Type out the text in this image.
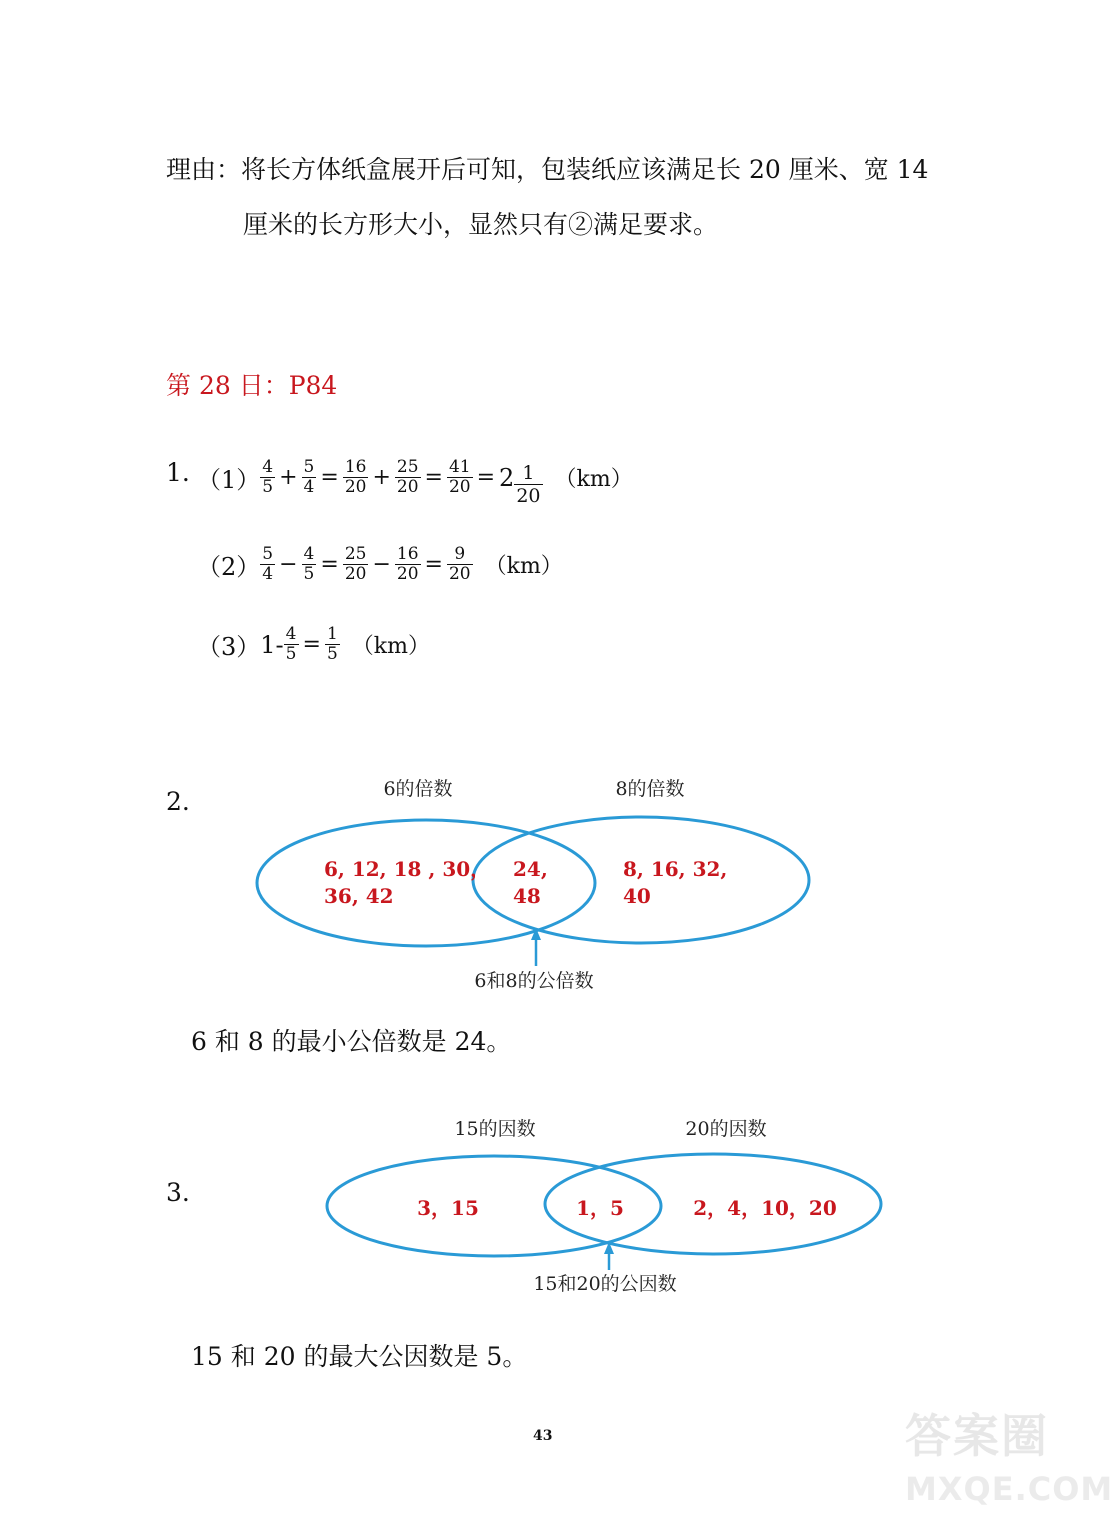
理由：将长方体纸盒展开后可知，包装纸应该满足长 20 厘米、宽 14
厘米的长方形大小，显然只有②满足要求。
第 28 日：P84
1. $(1) \frac{4}{5} + \frac{5}{4} = \frac{16}{20} + \frac{25}{20} = \frac{41}{20} = 2 \frac{1}{20} (km)$
$(2) \frac{5}{4} - \frac{4}{5} = \frac{25}{20} - \frac{16}{20} = \frac{9}{20} (km)$
（3） $1- \frac{4}{5} = \frac{1}{5} (km)$
2.	6的倍数	8的倍数
6, 12, 18 , 30，
36, 42
24,
48
8, 16, 32,
40
6和8的公倍数
6 和 8 的最小公倍数是 24。
3.
15的因数	20的因数
3，15	1，5	2，4，10，20
15和20的公因数
15 和 20 的最大公因数是 5。
43	答案圈
MXQE.COM
